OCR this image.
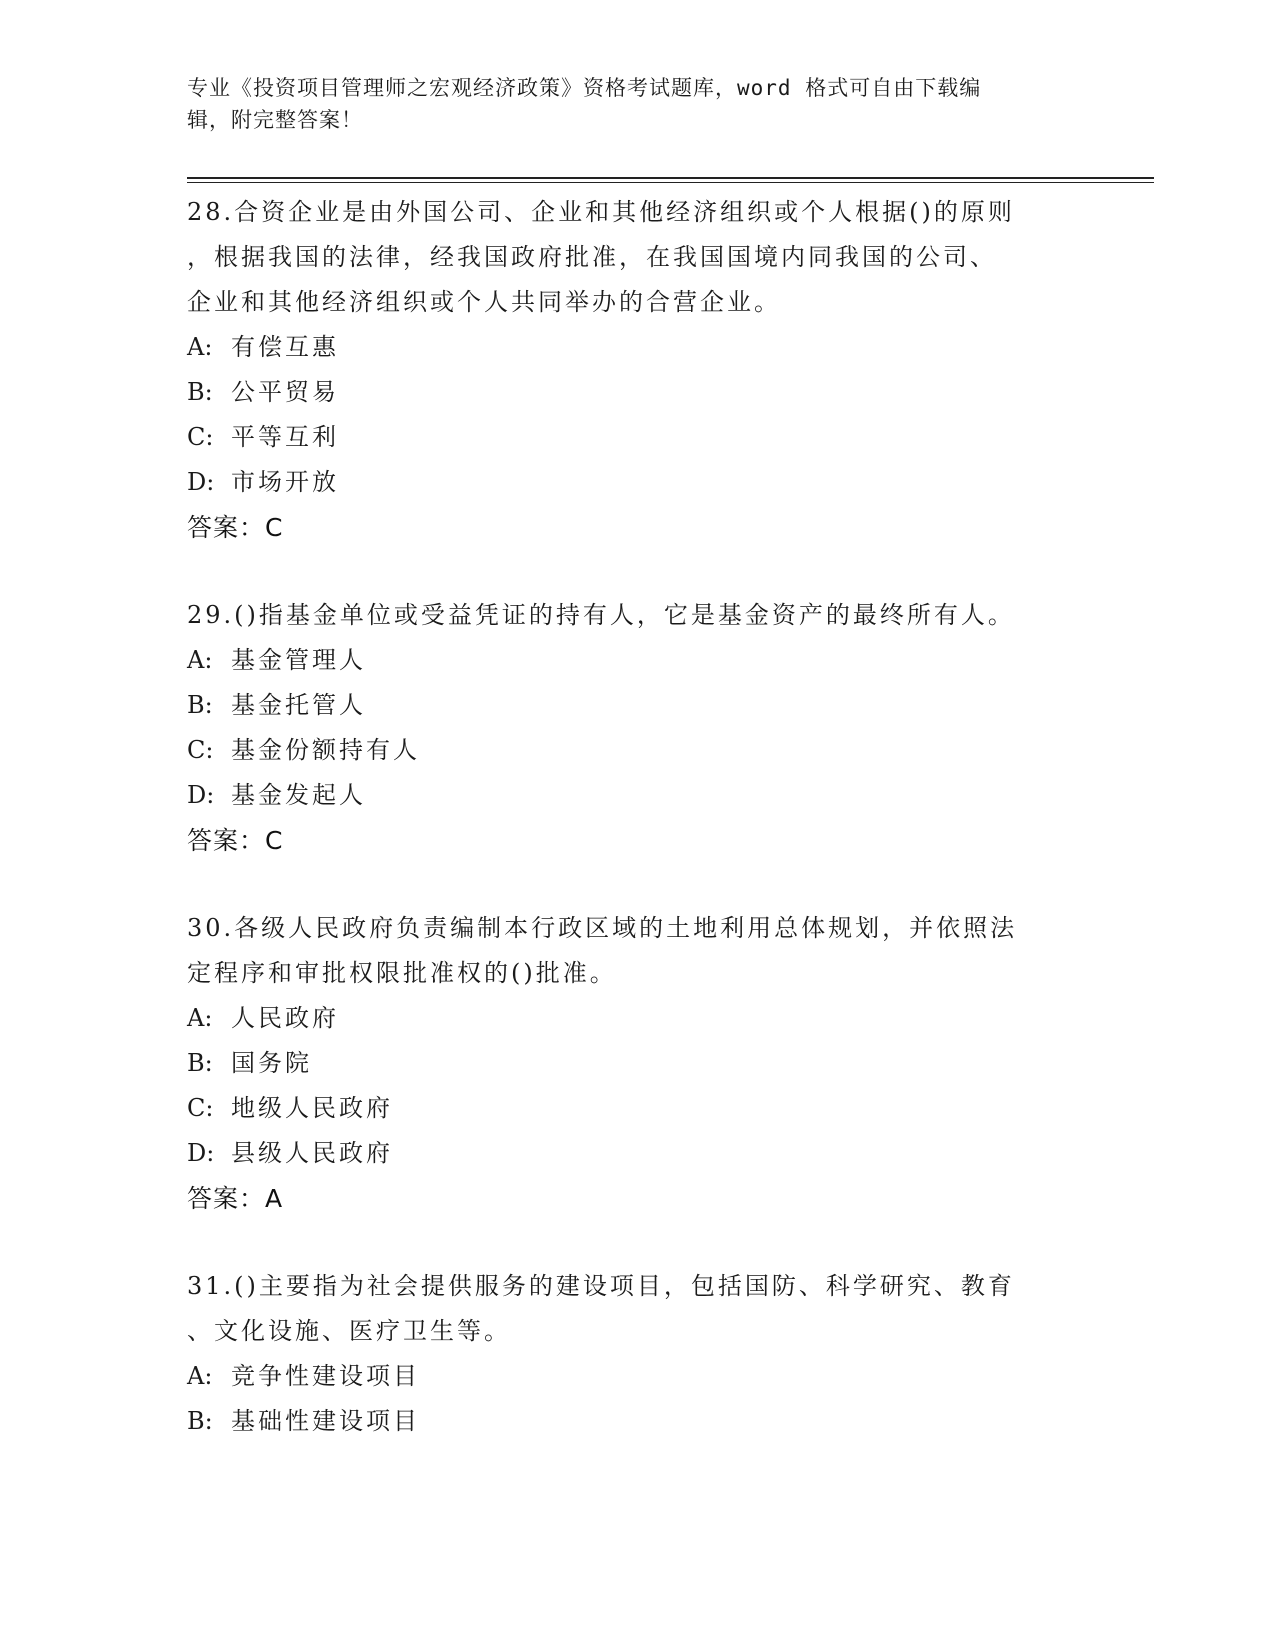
专业《投资项目管理师之宏观经济政策》资格考试题库，word 格式可自由下载编
辑，附完整答案！

28.合资企业是由外国公司、企业和其他经济组织或个人根据()的原则

，根据我国的法律，经我国政府批准，在我国国境内同我国的公司、

企业和其他经济组织或个人共同举办的合营企业。

A: 有偿互惠

B: 公平贸易

C: 平等互利

D: 市场开放

答案：C

29.()指基金单位或受益凭证的持有人，它是基金资产的最终所有人。

A: 基金管理人

B: 基金托管人

C: 基金份额持有人

D: 基金发起人

答案：C

30.各级人民政府负责编制本行政区域的土地利用总体规划，并依照法

定程序和审批权限批准权的()批准。

A: 人民政府

B: 国务院

C: 地级人民政府

D: 县级人民政府

答案：A

31.()主要指为社会提供服务的建设项目，包括国防、科学研究、教育

、文化设施、医疗卫生等。

A: 竞争性建设项目

B: 基础性建设项目
